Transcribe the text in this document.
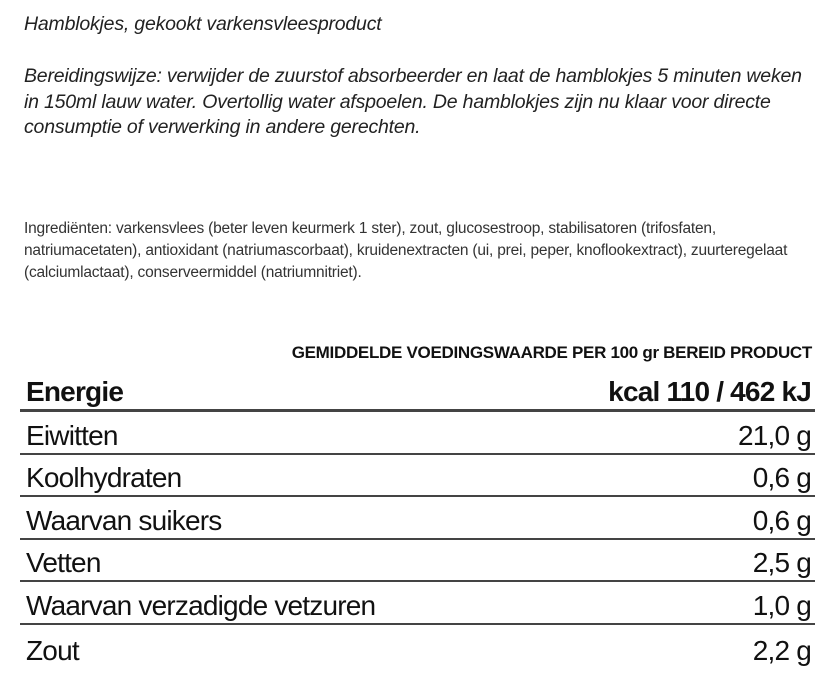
Hamblokjes, gekookt varkensvleesproduct
Bereidingswijze: verwijder de zuurstof absorbeerder en laat de hamblokjes 5 minuten weken in 150ml lauw water. Overtollig water afspoelen. De hamblokjes zijn nu klaar voor directe consumptie of verwerking in andere gerechten.
Ingrediënten: varkensvlees (beter leven keurmerk 1 ster), zout, glucosestroop, stabilisatoren (trifosfaten, natriumacetaten), antioxidant (natriumascorbaat), kruidenextracten (ui, prei, peper, knoflookextract), zuurteregelaat (calciumlactaat), conserveermiddel (natriumnitriet).
GEMIDDELDE VOEDINGSWAARDE PER 100 gr BEREID PRODUCT
Energie	kcal 110 / 462 kJ
Eiwitten	21,0 g
Koolhydraten	0,6 g
Waarvan suikers	0,6 g
Vetten	2,5 g
Waarvan verzadigde vetzuren	1,0 g
Zout	2,2 g
